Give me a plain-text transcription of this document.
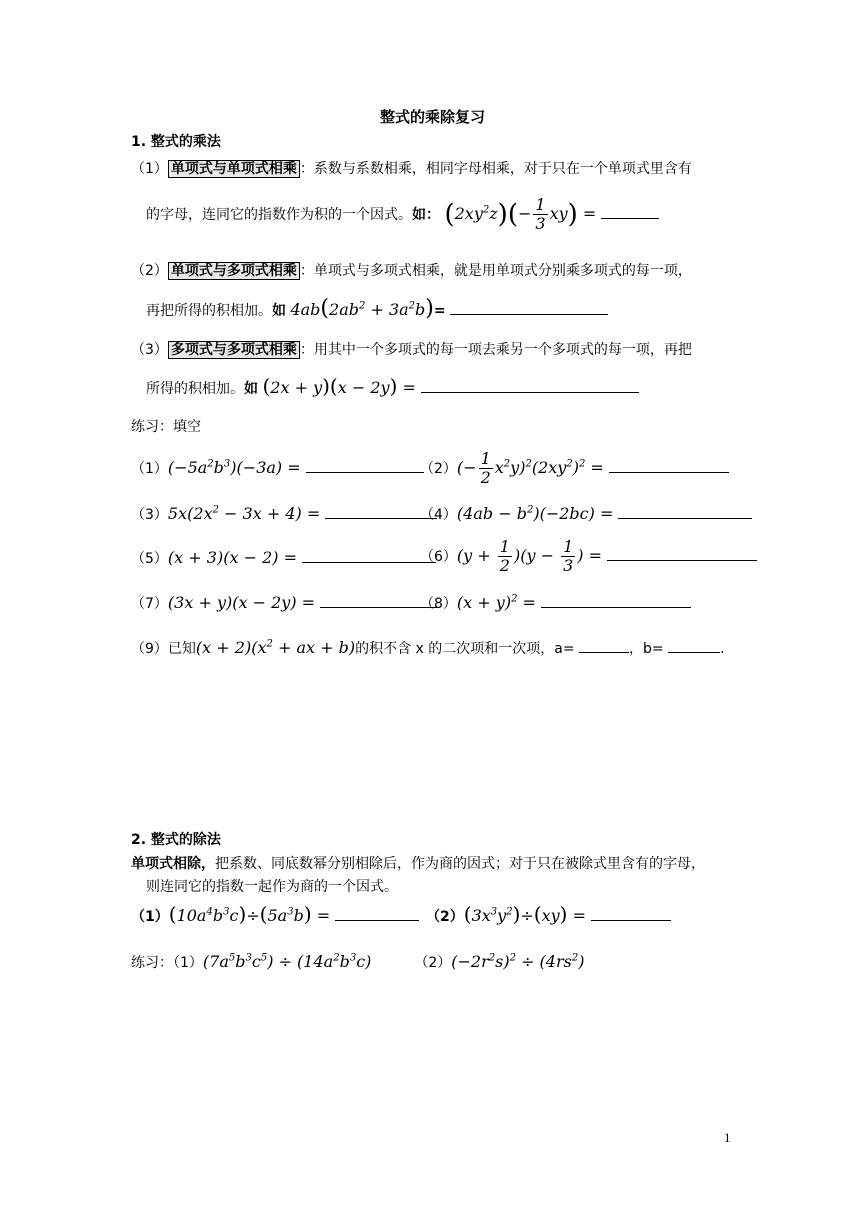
整式的乘除复习
1. 整式的乘法
（1） 单项式与单项式相乘 ：系数与系数相乘，相同字母相乘，对于只在一个单项式里含有
的字母，连同它的指数作为积的一个因式。如： $(2xy^2z)(- \frac{1}{3} xy)$ =
（2） 单项式与多项式相乘 ：单项式与多项式相乘，就是用单项式分别乘多项式的每一项，
再把所得的积相加。如 $4ab(2ab^2 + 3a^2b)=$
（3） 多项式与多项式相乘 ：用其中一个多项式的每一项去乘另一个多项式的每一项，再把
所得的积相加。如 (2x + y)(x − 2y) =
练习：填空
$(1)(-5a^2b^3)(-3a)$ =	$(2)(- \frac{1}{2} x^2y)^2(2xy^2)^2$ =
$(3)5x(2x^2 - 3x + 4)$ =	$(4)(4ab - b^2)(-2bc)$ =
（5）(x + 3)(x − 2) =	$(6)(y + \frac{1}{2} )(y - \frac{1}{3}$ ) =
（7）(3x + y)(x − 2y) =	$(8)(x + y)^2$ =
（9）已知$(x + 2)(x^2$ + ax + b)的积不含 x 的二次项和一次项，a=	，b=	.
2. 整式的除法
单项式相除，把系数、同底数幂分别相除后，作为商的因式；对于只在被除式里含有的字母，
则连同它的指数一起作为商的一个因式。
$(1)(10a^4b^3c)\div(5a^3b)$ =	$(2)(3x^3y^2)\div(xy)$ =
练习：$(1)(7a^5b^3c^5) \div (14a^2b^3c)$	$(2)(-2r^2s)^2 \div (4rs^2)$
1
